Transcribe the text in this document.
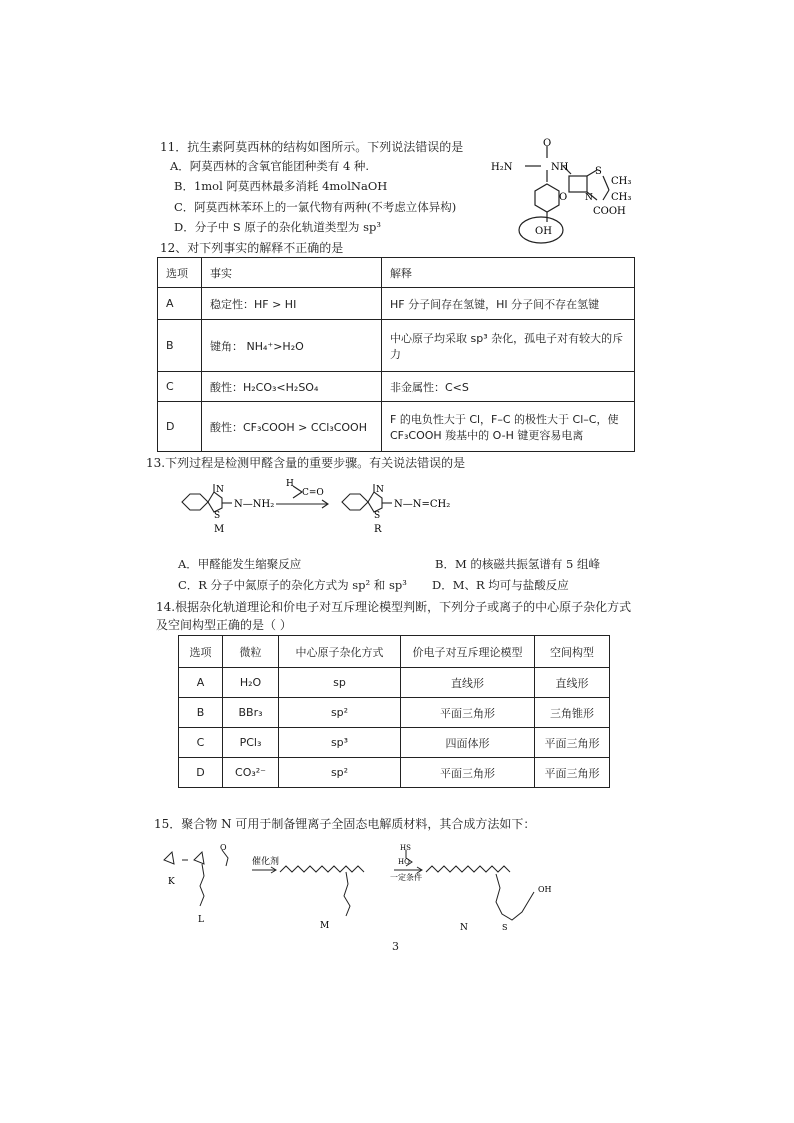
11．抗生素阿莫西林的结构如图所示。下列说法错误的是
A．阿莫西林的含氧官能团种类有 4 种.
B．1mol 阿莫西林最多消耗 4molNaOH
C．阿莫西林苯环上的一氯代物有两种(不考虑立体异构)
D．分子中 S 原子的杂化轨道类型为 sp³
O
H₂N	NH	S
CH₃
CH₃
N
O
COOH
OH
12、对下列事实的解释不正确的是
选项	事实	解释
A	稳定性：HF > HI	HF 分子间存在氢键，HI 分子间不存在氢键
B	键角： NH₄⁺>H₂O	中心原子均采取 sp³ 杂化，孤电子对有较大的斥力
C	酸性：H₂CO₃<H₂SO₄	非金属性：C<S
D	酸性：CF₃COOH > CCl₃COOH	F 的电负性大于 Cl，F–C 的极性大于 Cl–C，使 CF₃COOH 羧基中的 O-H 键更容易电离
13.下列过程是检测甲醛含量的重要步骤。有关说法错误的是
N
S
N—NH₂
H
C=O
M
N
S
N—N=CH₂
R
A．甲醛能发生缩聚反应	B．M 的核磁共振氢谱有 5 组峰
C．R 分子中氮原子的杂化方式为 sp² 和 sp³ D．M、R 均可与盐酸反应
14.根据杂化轨道理论和价电子对互斥理论模型判断，下列分子或离子的中心原子杂化方式
及空间构型正确的是（ ）
选项	微粒	中心原子杂化方式	价电子对互斥理论模型	空间构型
A	H₂O	sp	直线形	直线形
B	BBr₃	sp²	平面三角形	三角锥形
C	PCl₃	sp³	四面体形	平面三角形
D	CO₃²⁻	sp²	平面三角形	平面三角形
15．聚合物 N 可用于制备锂离子全固态电解质材料，其合成方法如下：
K
L
O
催化剂
M
HS
HO
一定条件
N	S
OH
3
